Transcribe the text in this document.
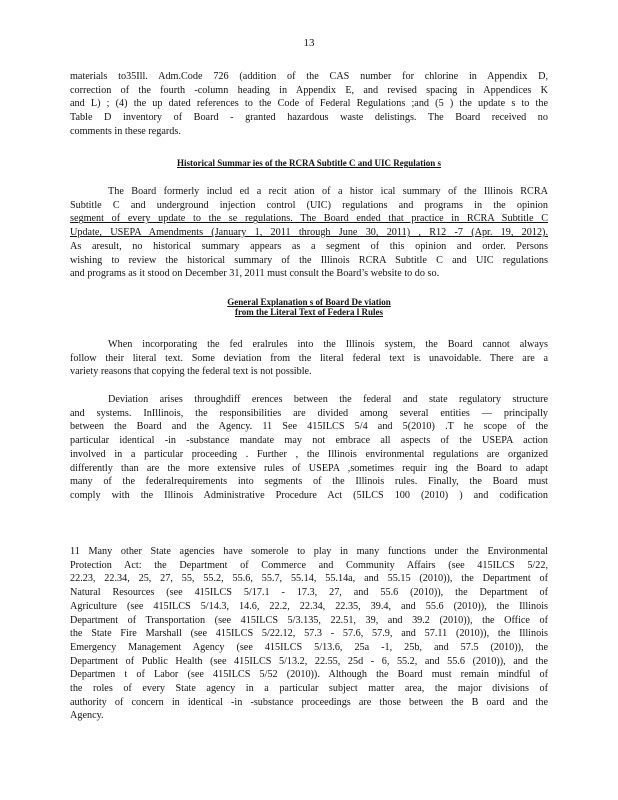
13
materials to35Ill. Adm.Code 726 (addition of the CAS number for chlorine in Appendix D,
correction of the fourth -column heading in Appendix E, and revised spacing in Appendices K
and L) ; (4) the up dated references to the Code of Federal Regulations ;and (5 ) the update s to the
Table D inventory of Board - granted hazardous waste delistings. The Board received no
comments in these regards.
Historical Summar ies of the RCRA Subtitle C and UIC Regulation s
The Board formerly includ ed a recit ation of a histor ical summary of the Illinois RCRA
Subtitle C and underground injection control (UIC) regulations and programs in the opinion
segment of every update to the se regulations. The Board ended that practice in RCRA Subtitle C
Update, USEPA Amendments (January 1, 2011 through June 30, 2011) , R12 -7 (Apr. 19, 2012).
As aresult, no historical summary appears as a segment of this opinion and order. Persons
wishing to review the historical summary of the Illinois RCRA Subtitle C and UIC regulations
and programs as it stood on December 31, 2011 must consult the Board’s website to do so.
General Explanation s of Board De viation
from the Literal Text of Federa l Rules
When incorporating the fed eralrules into the Illinois system, the Board cannot always
follow their literal text. Some deviation from the literal federal text is unavoidable. There are a
variety reasons that copying the federal text is not possible.
Deviation arises throughdiff erences between the federal and state regulatory structure
and systems. InIllinois, the responsibilities are divided among several entities — principally
between the Board and the Agency. 11 See 415ILCS 5/4 and 5(2010) .T he scope of the
particular identical -in -substance mandate may not embrace all aspects of the USEPA action
involved in a particular proceeding . Further , the Illinois environmental regulations are organized
differently than are the more extensive rules of USEPA ,sometimes requir ing the Board to adapt
many of the federalrequirements into segments of the Illinois rules. Finally, the Board must
comply with the Illinois Administrative Procedure Act (5ILCS 100 (2010) ) and codification
11 Many other State agencies have somerole to play in many functions under the Environmental
Protection Act: the Department of Commerce and Community Affairs (see 415ILCS 5/22,
22.23, 22.34, 25, 27, 55, 55.2, 55.6, 55.7, 55.14, 55.14a, and 55.15 (2010)), the Department of
Natural Resources (see 415ILCS 5/17.1 - 17.3, 27, and 55.6 (2010)), the Department of
Agriculture (see 415ILCS 5/14.3, 14.6, 22.2, 22.34, 22.35, 39.4, and 55.6 (2010)), the Illinois
Department of Transportation (see 415ILCS 5/3.135, 22.51, 39, and 39.2 (2010)), the Office of
the State Fire Marshall (see 415ILCS 5/22.12, 57.3 - 57.6, 57.9, and 57.11 (2010)), the Illinois
Emergency Management Agency (see 415ILCS 5/13.6, 25a -1, 25b, and 57.5 (2010)), the
Department of Public Health (see 415ILCS 5/13.2, 22.55, 25d - 6, 55.2, and 55.6 (2010)), and the
Departmen t of Labor (see 415ILCS 5/52 (2010)). Although the Board must remain mindful of
the roles of every State agency in a particular subject matter area, the major divisions of
authority of concern in identical -in -substance proceedings are those between the B oard and the
Agency.
